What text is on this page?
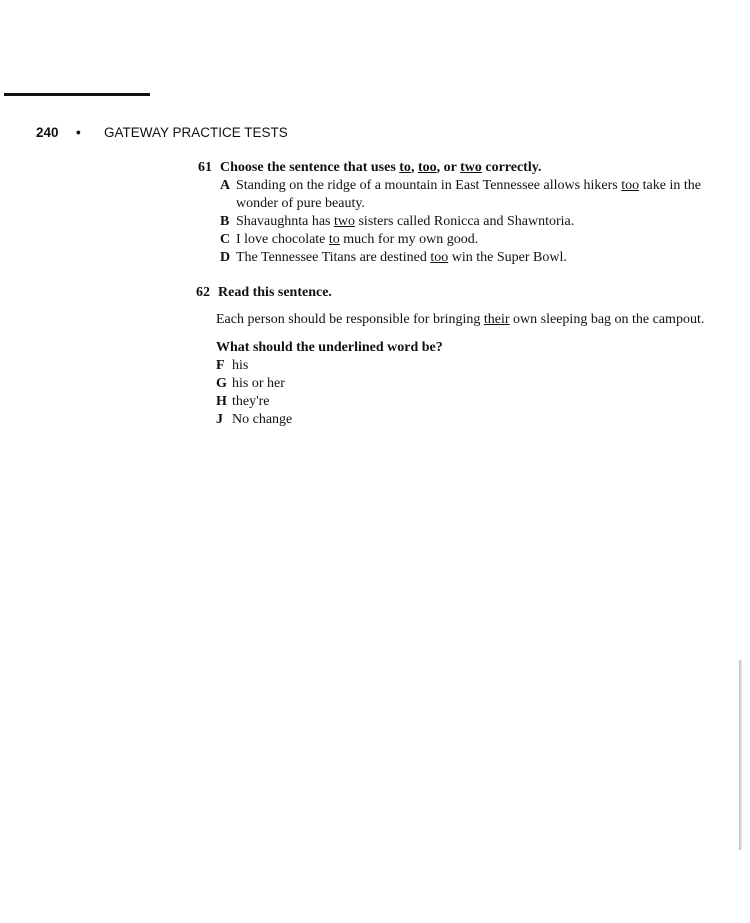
240 • GATEWAY PRACTICE TESTS
61 Choose the sentence that uses to, too, or two correctly.
A Standing on the ridge of a mountain in East Tennessee allows hikers too take in the wonder of pure beauty.
B Shavaughnta has two sisters called Ronicca and Shawntoria.
C I love chocolate to much for my own good.
D The Tennessee Titans are destined too win the Super Bowl.
62 Read this sentence.
Each person should be responsible for bringing their own sleeping bag on the campout.
What should the underlined word be?
F his
G his or her
H they're
J No change
